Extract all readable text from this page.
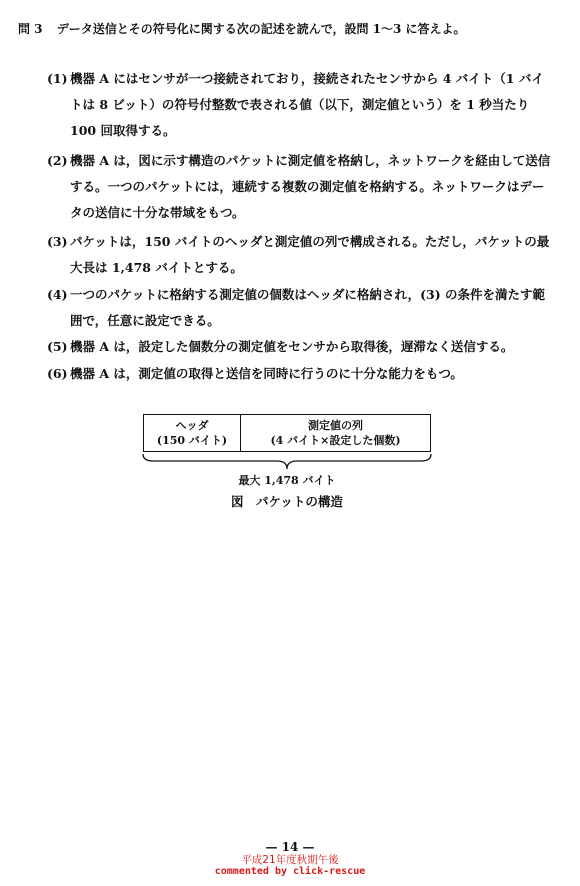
問 3 データ送信とその符号化に関する次の記述を読んで，設問 1〜3 に答えよ。
(1) 機器 A にはセンサが一つ接続されており，接続されたセンサから 4 バイト（1 バイトは 8 ビット）の符号付整数で表される値（以下，測定値という）を 1 秒当たり 100 回取得する。
(2) 機器 A は，図に示す構造のパケットに測定値を格納し，ネットワークを経由して送信する。一つのパケットには，連続する複数の測定値を格納する。ネットワークはデータの送信に十分な帯域をもつ。
(3) パケットは，150 バイトのヘッダと測定値の列で構成される。ただし，パケットの最大長は 1,478 バイトとする。
(4) 一つのパケットに格納する測定値の個数はヘッダに格納され，(3) の条件を満たす範囲で，任意に設定できる。
(5) 機器 A は，設定した個数分の測定値をセンサから取得後，遅滞なく送信する。
(6) 機器 A は，測定値の取得と送信を同時に行うのに十分な能力をもつ。
ヘッダ
(150 バイト)
測定値の列
(4 バイト×設定した個数)
最大 1,478 バイト
図　パケットの構造
— 14 —
平成21年度秋期午後
commented by click-rescue
